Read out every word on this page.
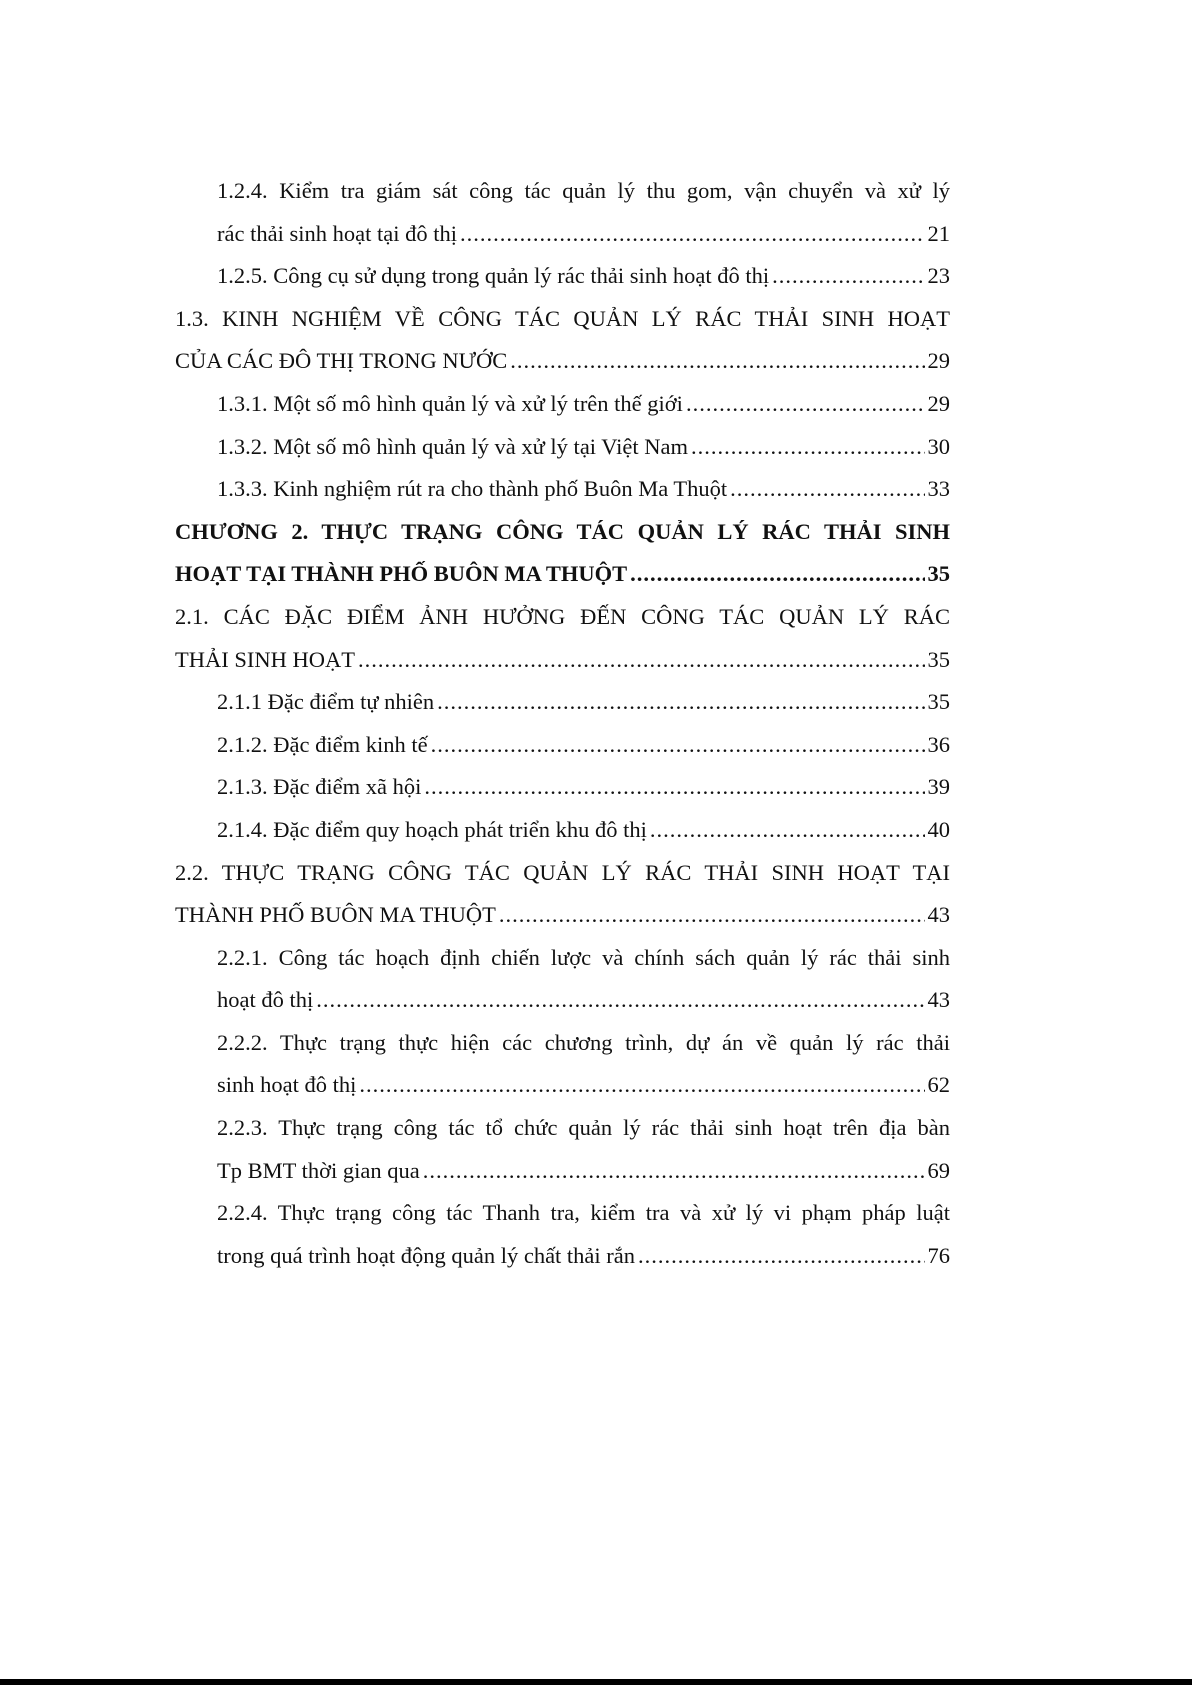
1.2.4. Kiểm tra giám sát công tác quản lý thu gom, vận chuyển và xử lý
rác thải sinh hoạt tại đô thị .....	21
1.2.5. Công cụ sử dụng trong quản lý rác thải sinh hoạt đô thị .....	23
1.3. KINH NGHIỆM VỀ CÔNG TÁC QUẢN LÝ RÁC THẢI SINH HOẠT
CỦA CÁC ĐÔ THỊ TRONG NƯỚC .....	29
1.3.1. Một số mô hình quản lý và xử lý trên thế giới .....	29
1.3.2. Một số mô hình quản lý và xử lý tại Việt Nam .....	30
1.3.3. Kinh nghiệm rút ra cho thành phố Buôn Ma Thuột .....	33
CHƯƠNG 2. THỰC TRẠNG CÔNG TÁC QUẢN LÝ RÁC THẢI SINH
HOẠT TẠI THÀNH PHỐ BUÔN MA THUỘT .....	35
2.1. CÁC ĐẶC ĐIỂM ẢNH HƯỞNG ĐẾN CÔNG TÁC QUẢN LÝ RÁC
THẢI SINH HOẠT .....	35
2.1.1 Đặc điểm tự nhiên .....	35
2.1.2. Đặc điểm kinh tế .....	36
2.1.3. Đặc điểm xã hội .....	39
2.1.4. Đặc điểm quy hoạch phát triển khu đô thị .....	40
2.2. THỰC TRẠNG CÔNG TÁC QUẢN LÝ RÁC THẢI SINH HOẠT TẠI
THÀNH PHỐ BUÔN MA THUỘT .....	43
2.2.1. Công tác hoạch định chiến lược và chính sách quản lý rác thải sinh
hoạt đô thị .....	43
2.2.2. Thực trạng thực hiện các chương trình, dự án về quản lý rác thải
sinh hoạt đô thị .....	62
2.2.3. Thực trạng công tác tổ chức quản lý rác thải sinh hoạt trên địa bàn
Tp BMT thời gian qua .....	69
2.2.4. Thực trạng công tác Thanh tra, kiểm tra và xử lý vi phạm pháp luật
trong quá trình hoạt động quản lý chất thải rắn .....	76
